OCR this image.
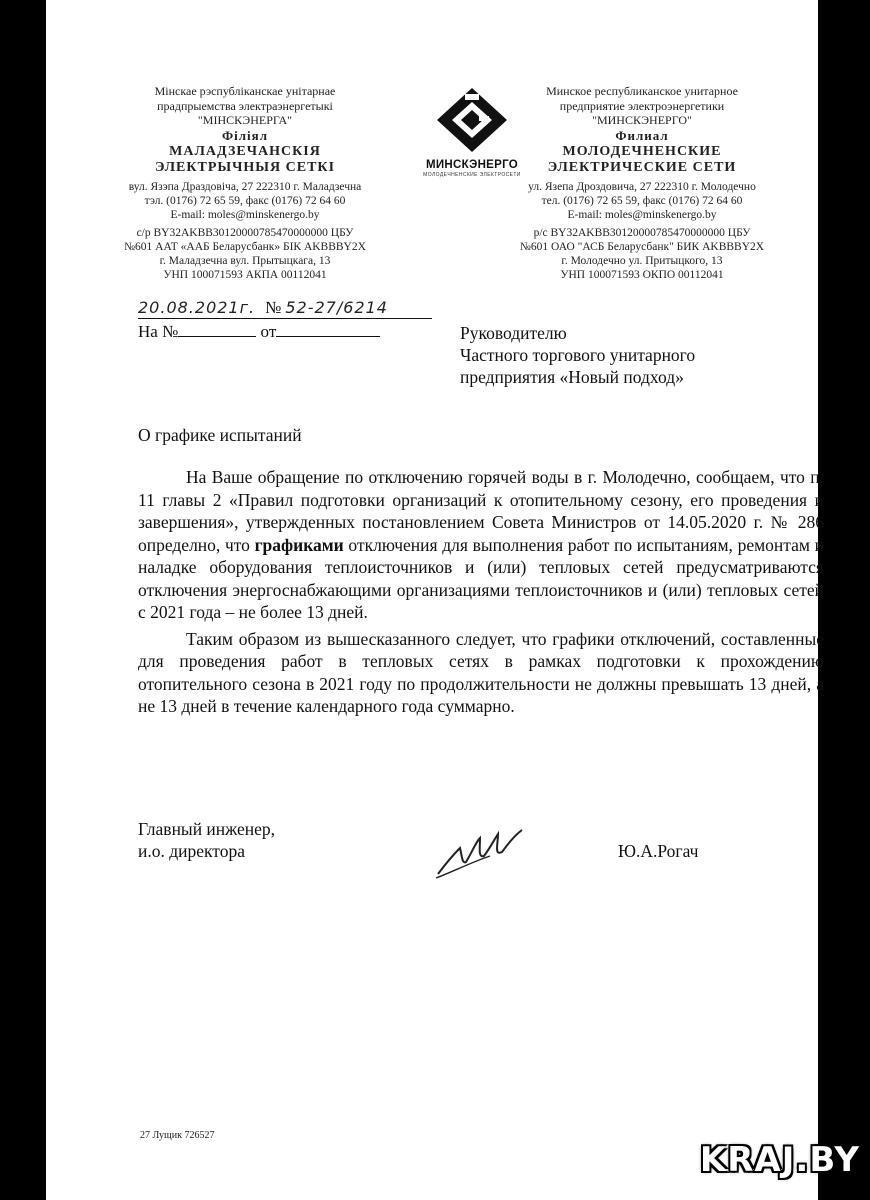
Мінскае рэспубліканскае унітарнае
прадпрыемства электраэнергетыкі
"МІНСКЭНЕРГА"
Філіял
МАЛАДЗЕЧАНСКІЯ
ЭЛЕКТРЫЧНЫЯ СЕТКІ
вул. Язэпа Драздовіча, 27 222310 г. Маладзечна
тэл. (0176) 72 65 59, факс (0176) 72 64 60
E-mail: moles@minskenergo.by
с/р BY32AKBB30120000785470000000 ЦБУ
№601 ААТ «ААБ Беларусбанк» БІК AKBBBY2X
г. Маладзечна вул. Прытыцкага, 13
УНП 100071593 АКПА 00112041
МИНСКЭНЕРГО
МОЛОДЕЧНЕНСКИЕ ЭЛЕКТРОСЕТИ
Минское республиканское унитарное
предприятие электроэнергетики
"МИНСКЭНЕРГО"
Филиал
МОЛОДЕЧНЕНСКИЕ
ЭЛЕКТРИЧЕСКИЕ СЕТИ
ул. Язепа Дроздовича, 27 222310 г. Молодечно
тел. (0176) 72 65 59, факс (0176) 72 64 60
E-mail: moles@minskenergo.by
р/с BY32AKBB30120000785470000000 ЦБУ
№601 ОАО "АСБ Беларусбанк" БИК AKBBBY2X
г. Молодечно ул. Притыцкого, 13
УНП 100071593 ОКПО 00112041
20.08.2021г. № 52-27/6214
На №	от	Руководителю
Частного торгового унитарного
предприятия «Новый подход»
О графике испытаний

На Ваше обращение по отключению горячей воды в г. Молодечно, сообщаем, что п. 11 главы 2 «Правил подготовки организаций к отопительному сезону, его проведения и завершения», утвержденных постановлением Совета Министров от 14.05.2020 г. № 286 определно, что графиками отключения для выполнения работ по испытаниям, ремонтам и наладке оборудования теплоисточников и (или) тепловых сетей предусматриваются отключения энергоснабжающими организациями теплоисточников и (или) тепловых сетей с 2021 года – не более 13 дней.

Таким образом из вышесказанного следует, что графики отключений, составленные для проведения работ в тепловых сетях в рамках подготовки к прохождению отопительного сезона в 2021 году по продолжительности не должны превышать 13 дней, а не 13 дней в течение календарного года суммарно.

Главный инженер,
и.о. директора	Ю.А.Рогач
27 Лущик 726527
KRAJ.BY
